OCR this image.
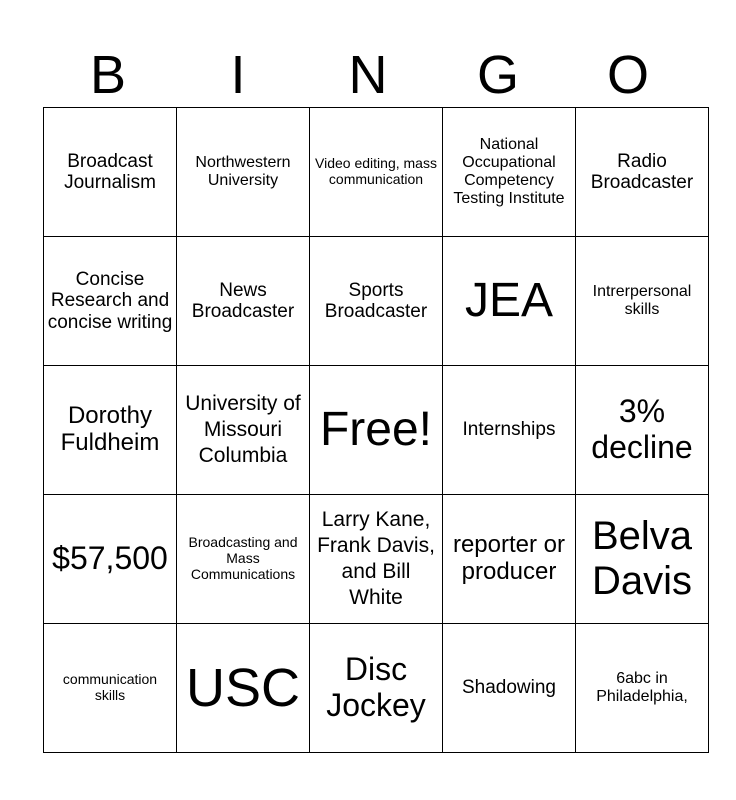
B	I	N	G	O
Broadcast Journalism	Northwestern University	Video editing, mass communication	National Occupational Competency Testing Institute	Radio Broadcaster
Concise Research and concise writing	News Broadcaster	Sports Broadcaster	JEA	Intrerpersonal skills
Dorothy Fuldheim	University of Missouri Columbia	Free!	Internships	3% decline
$57,500	Broadcasting and Mass Communications	Larry Kane, Frank Davis, and Bill White	reporter or producer	Belva Davis
communication skills	USC	Disc Jockey	Shadowing	6abc in Philadelphia,
